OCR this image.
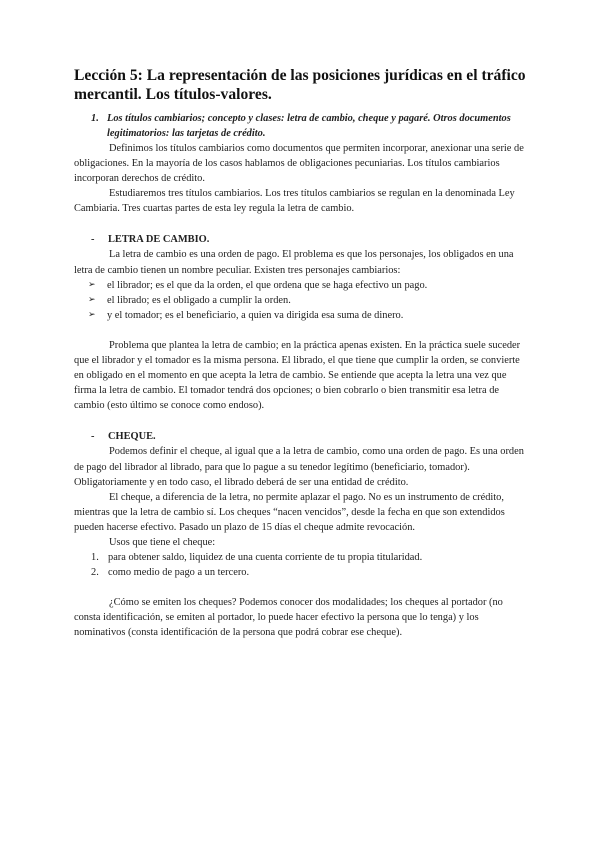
Lección 5: La representación de las posiciones jurídicas en el tráfico mercantil. Los títulos-valores.
1. Los títulos cambiarios; concepto y clases: letra de cambio, cheque y pagaré. Otros documentos legitimatorios: las tarjetas de crédito.

Definimos los títulos cambiarios como documentos que permiten incorporar, anexionar una serie de obligaciones. En la mayoría de los casos hablamos de obligaciones pecuniarias. Los títulos cambiarios incorporan derechos de crédito.

Estudiaremos tres títulos cambiarios. Los tres títulos cambiarios se regulan en la denominada Ley Cambiaria. Tres cuartas partes de esta ley regula la letra de cambio.

-	LETRA DE CAMBIO.

La letra de cambio es una orden de pago. El problema es que los personajes, los obligados en una letra de cambio tienen un nombre peculiar. Existen tres personajes cambiarios:

➢	el librador; es el que da la orden, el que ordena que se haga efectivo un pago.
➢	el librado; es el obligado a cumplir la orden.
➢	y el tomador; es el beneficiario, a quien va dirigida esa suma de dinero.

Problema que plantea la letra de cambio; en la práctica apenas existen. En la práctica suele suceder que el librador y el tomador es la misma persona. El librado, el que tiene que cumplir la orden, se convierte en obligado en el momento en que acepta la letra de cambio. Se entiende que acepta la letra una vez que firma la letra de cambio. El tomador tendrá dos opciones; o bien cobrarlo o bien transmitir esa letra de cambio (esto último se conoce como endoso).

-	CHEQUE.

Podemos definir el cheque, al igual que a la letra de cambio, como una orden de pago. Es una orden de pago del librador al librado, para que lo pague a su tenedor legítimo (beneficiario, tomador). Obligatoriamente y en todo caso, el librado deberá de ser una entidad de crédito.

El cheque, a diferencia de la letra, no permite aplazar el pago. No es un instrumento de crédito, mientras que la letra de cambio sí. Los cheques “nacen vencidos”, desde la fecha en que son extendidos pueden hacerse efectivo. Pasado un plazo de 15 días el cheque admite revocación.

Usos que tiene el cheque:

1. para obtener saldo, liquidez de una cuenta corriente de tu propia titularidad.
2. como medio de pago a un tercero.

¿Cómo se emiten los cheques? Podemos conocer dos modalidades; los cheques al portador (no consta identificación, se emiten al portador, lo puede hacer efectivo la persona que lo tenga) y los nominativos (consta identificación de la persona que podrá cobrar ese cheque).
